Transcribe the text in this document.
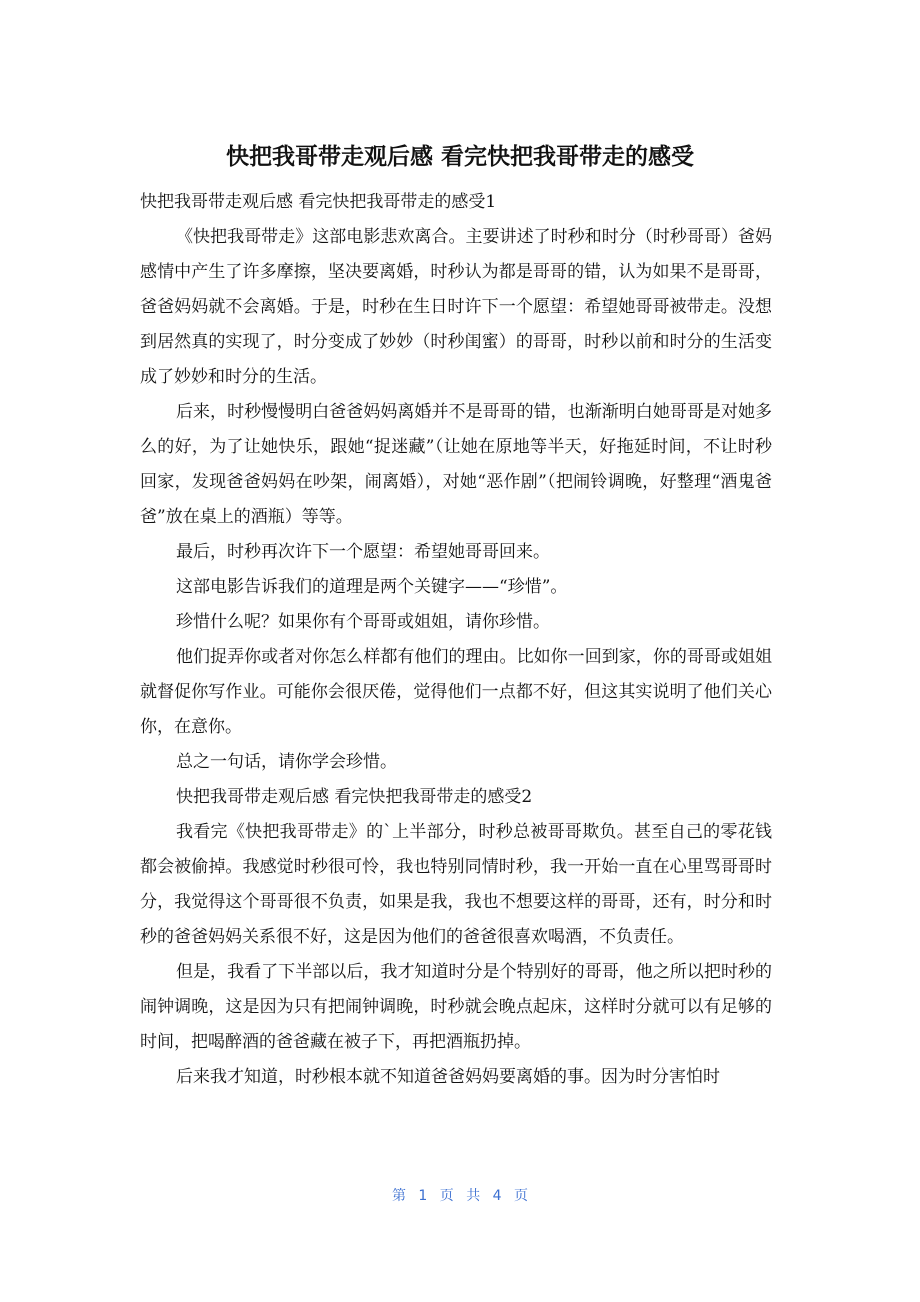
快把我哥带走观后感 看完快把我哥带走的感受

快把我哥带走观后感 看完快把我哥带走的感受1

《快把我哥带走》这部电影悲欢离合。主要讲述了时秒和时分（时秒哥哥）爸妈感情中产生了许多摩擦，坚决要离婚，时秒认为都是哥哥的错，认为如果不是哥哥，爸爸妈妈就不会离婚。于是，时秒在生日时许下一个愿望：希望她哥哥被带走。没想到居然真的实现了，时分变成了妙妙（时秒闺蜜）的哥哥，时秒以前和时分的生活变成了妙妙和时分的生活。

后来，时秒慢慢明白爸爸妈妈离婚并不是哥哥的错，也渐渐明白她哥哥是对她多么的好，为了让她快乐，跟她“捉迷藏”（让她在原地等半天，好拖延时间，不让时秒回家，发现爸爸妈妈在吵架，闹离婚），对她“恶作剧”（把闹铃调晚，好整理“酒鬼爸爸”放在桌上的酒瓶）等等。

最后，时秒再次许下一个愿望：希望她哥哥回来。

这部电影告诉我们的道理是两个关键字——“珍惜”。

珍惜什么呢？如果你有个哥哥或姐姐，请你珍惜。

他们捉弄你或者对你怎么样都有他们的理由。比如你一回到家，你的哥哥或姐姐就督促你写作业。可能你会很厌倦，觉得他们一点都不好，但这其实说明了他们关心你，在意你。

总之一句话，请你学会珍惜。

快把我哥带走观后感 看完快把我哥带走的感受2

我看完《快把我哥带走》的`上半部分，时秒总被哥哥欺负。甚至自己的零花钱都会被偷掉。我感觉时秒很可怜，我也特别同情时秒，我一开始一直在心里骂哥哥时分，我觉得这个哥哥很不负责，如果是我，我也不想要这样的哥哥，还有，时分和时秒的爸爸妈妈关系很不好，这是因为他们的爸爸很喜欢喝酒，不负责任。

但是，我看了下半部以后，我才知道时分是个特别好的哥哥，他之所以把时秒的闹钟调晚，这是因为只有把闹钟调晚，时秒就会晚点起床，这样时分就可以有足够的时间，把喝醉酒的爸爸藏在被子下，再把酒瓶扔掉。

后来我才知道，时秒根本就不知道爸爸妈妈要离婚的事。因为时分害怕时

第 1 页 共 4 页
